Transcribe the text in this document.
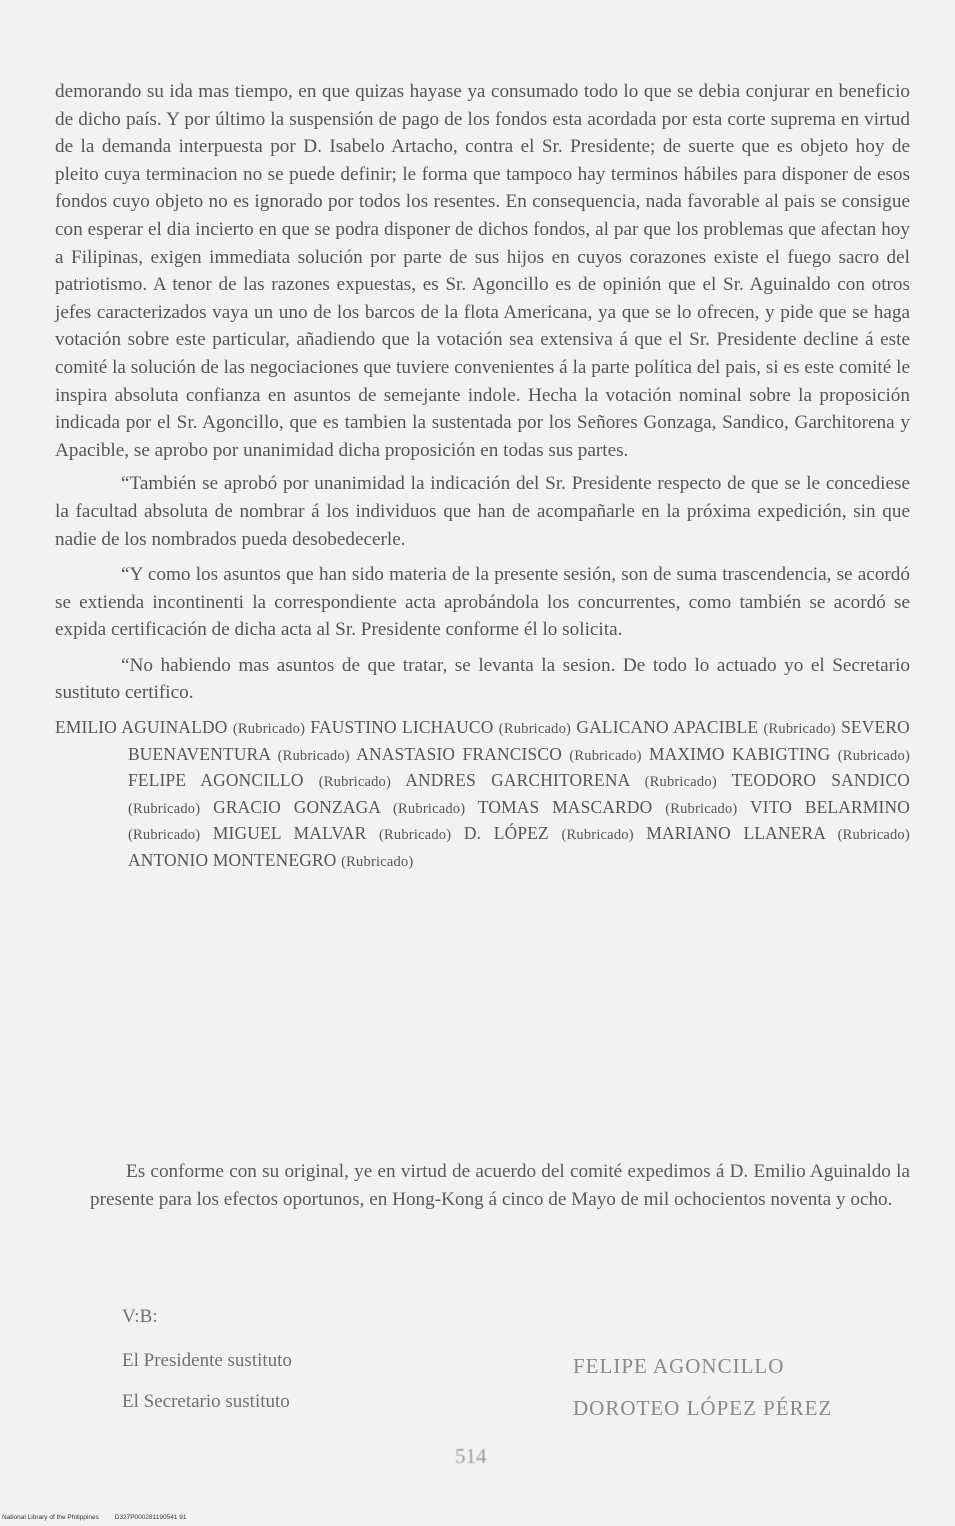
demorando su ida mas tiempo, en que quizas hayase ya consumado todo lo que se debia conjurar en beneficio de dicho país. Y por último la suspensión de pago de los fondos esta acordada por esta corte suprema en virtud de la demanda interpuesta por D. Isabelo Artacho, contra el Sr. Presidente; de suerte que es objeto hoy de pleito cuya terminacion no se puede definir; le forma que tampoco hay terminos hábiles para disponer de esos fondos cuyo objeto no es ignorado por todos los resentes. En consequencia, nada favorable al pais se consigue con esperar el dia incierto en que se podra disponer de dichos fondos, al par que los problemas que afectan hoy a Filipinas, exigen immediata solución por parte de sus hijos en cuyos corazones existe el fuego sacro del patriotismo. A tenor de las razones expuestas, es Sr. Agoncillo es de opinión que el Sr. Aguinaldo con otros jefes caracterizados vaya un uno de los barcos de la flota Americana, ya que se lo ofrecen, y pide que se haga votación sobre este particular, añadiendo que la votación sea extensiva á que el Sr. Presidente decline á este comité la solución de las negociaciones que tuviere convenientes á la parte política del pais, si es este comité le inspira absoluta confianza en asuntos de semejante indole. Hecha la votación nominal sobre la proposición indicada por el Sr. Agoncillo, que es tambien la sustentada por los Señores Gonzaga, Sandico, Garchitorena y Apacible, se aprobo por unanimidad dicha proposición en todas sus partes.

“También se aprobó por unanimidad la indicación del Sr. Presidente respecto de que se le concediese la facultad absoluta de nombrar á los individuos que han de acompañarle en la próxima expedición, sin que nadie de los nombrados pueda desobedecerle.

“Y como los asuntos que han sido materia de la presente sesión, son de suma trascendencia, se acordó se extienda incontinenti la correspondiente acta aprobándola los concurrentes, como también se acordó se expida certificación de dicha acta al Sr. Presidente conforme él lo solicita.

“No habiendo mas asuntos de que tratar, se levanta la sesion. De todo lo actuado yo el Secretario sustituto certifico.

EMILIO AGUINALDO (Rubricado) FAUSTINO LICHAUCO (Rubricado) GALICANO APACIBLE (Rubricado) SEVERO BUENAVENTURA (Rubricado) ANASTASIO FRANCISCO (Rubricado) MAXIMO KABIGTING (Rubricado) FELIPE AGONCILLO (Rubricado) ANDRES GARCHITORENA (Rubricado) TEODORO SANDICO (Rubricado) GRACIO GONZAGA (Rubricado) TOMAS MASCARDO (Rubricado) VITO BELARMINO (Rubricado) MIGUEL MALVAR (Rubricado) D. LÓPEZ (Rubricado) MARIANO LLANERA (Rubricado) ANTONIO MONTENEGRO (Rubricado)
Es conforme con su original, ye en virtud de acuerdo del comité expedimos á D. Emilio Aguinaldo la presente para los efectos oportunos, en Hong-Kong á cinco de Mayo de mil ochocientos noventa y ocho.
V:B:
El Presidente sustituto	FELIPE AGONCILLO
El Secretario sustituto	DOROTEO LÓPEZ PÉREZ
514
National Library of the Philippines D327P000281190541 91
